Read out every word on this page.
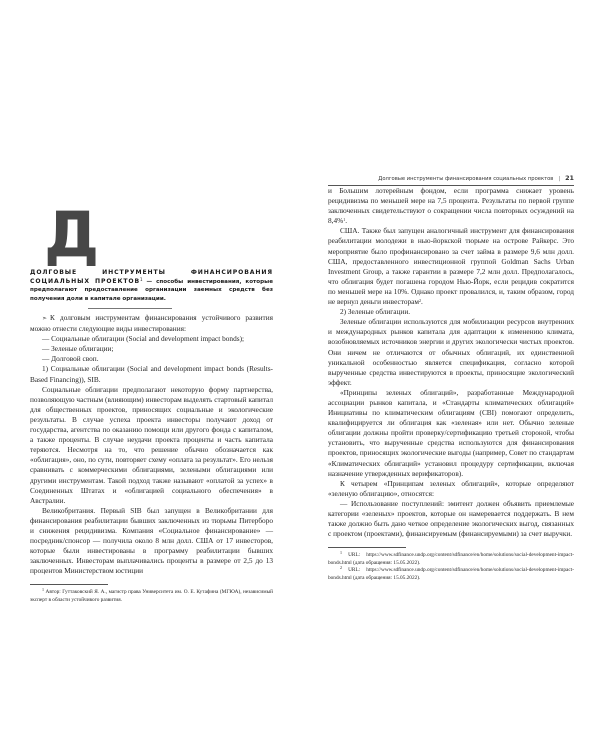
Д
ДОЛГОВЫЕ ИНСТРУМЕНТЫ ФИНАНСИРОВАНИЯ СОЦИАЛЬНЫХ ПРОЕКТОВ$^1$ — способы инвестирования, которые предполагают предоставление организации заемных средств без получения доли в капитале организации.

➣ К долговым инструментам финансирования устойчивого развития можно отнести следующие виды инвестирования:

— Социальные облигации (Social and development impact bonds);

— Зеленые облигации;

— Долговой своп.

1) Социальные облигации (Social and development impact bonds (Results-Based Financing)), SIB.

Социальные облигации предполагают некоторую форму партнерства, позволяющую частным (влияющим) инвесторам выделять стартовый капитал для общественных проектов, приносящих социальные и экологические результаты. В случае успеха проекта инвесторы получают доход от государства, агентства по оказанию помощи или другого фонда с капиталом, а также проценты. В случае неудачи проекта проценты и часть капитала теряются. Несмотря на то, что решение обычно обозначается как «облигация», оно, по сути, повторяет схему «оплата за результат». Его нельзя сравнивать с коммерческими облигациями, зелеными облигациями или другими инструментам. Такой подход также называют «оплатой за успех» в Соединенных Штатах и «облигацией социального обеспечения» в Австралии.

Великобритания. Первый SIB был запущен в Великобритании для финансирования реабилитации бывших заключенных из тюрьмы Питерборо и снижения рецидивизма. Компания «Социальное финансирование» — посредник/спонсор — получила около 8 млн долл. США от 17 инвесторов, которые были инвестированы в программу реабилитации бывших заключенных. Инвесторам выплачивались проценты в размере от 2,5 до 13 процентов Министерством юстиции

$^1$ Автор: Гуттаковский Я. А., магистр права Университета им. О. Е. Кутафина (МГЮА), независимый эксперт в области устойчивого развития.

Долговые инструменты финансирования социальных проектов | 21

и Большим лотерейным фондом, если программа снижает уровень рецидивизма по меньшей мере на 7,5 процента. Результаты по первой группе заключенных свидетельствуют о сокращении числа повторных осуждений на 8,4%$^1$.

США. Также был запущен аналогичный инструмент для финансирования реабилитации молодежи в нью-йоркской тюрьме на острове Райкерс. Это мероприятие было профинансировано за счет займа в размере 9,6 млн долл. США, предоставленного инвестиционной группой Goldman Sachs Urban Investment Group, а также гарантии в размере 7,2 млн долл. Предполагалось, что облигация будет погашена городом Нью-Йорк, если рецидив сократится по меньшей мере на 10%. Однако проект провалился, и, таким образом, город не вернул деньги инвесторам$^2$.

2) Зеленые облигации.

Зеленые облигации используются для мобилизации ресурсов внутренних и международных рынков капитала для адаптации к изменению климата, возобновляемых источников энергии и других экологически чистых проектов. Они ничем не отличаются от обычных облигаций, их единственной уникальной особенностью является спецификация, согласно которой вырученные средства инвестируются в проекты, приносящие экологический эффект.

«Принципы зеленых облигаций», разработанные Международной ассоциации рынков капитала, и «Стандарты климатических облигаций» Инициативы по климатическим облигациям (CBI) помогают определить, квалифицируется ли облигация как «зеленая» или нет. Обычно зеленые облигации должны пройти проверку/сертификацию третьей стороной, чтобы установить, что вырученные средства используются для финансирования проектов, приносящих экологические выгоды (например, Совет по стандартам «Климатических облигаций» установил процедуру сертификации, включая назначение утвержденных верификаторов).

К четырем «Принципам зеленых облигаций», которые определяют «зеленую облигацию», относятся:

— Использование поступлений: эмитент должен объявить приемлемые категории «зеленых» проектов, которые он намеревается поддержать. В нем также должно быть дано четкое определение экологических выгод, связанных с проектом (проектами), финансируемым (финансируемыми) за счет выручки.

$^1$ URL: https://www.sdfinance.undp.org/content/sdfinance/en/home/solutions/social-development-impact-bonds.html (дата обращения: 15.05.2022).

$^2$ URL: https://www.sdfinance.undp.org/content/sdfinance/en/home/solutions/social-development-impact-bonds.html (дата обращения: 15.05.2022).
